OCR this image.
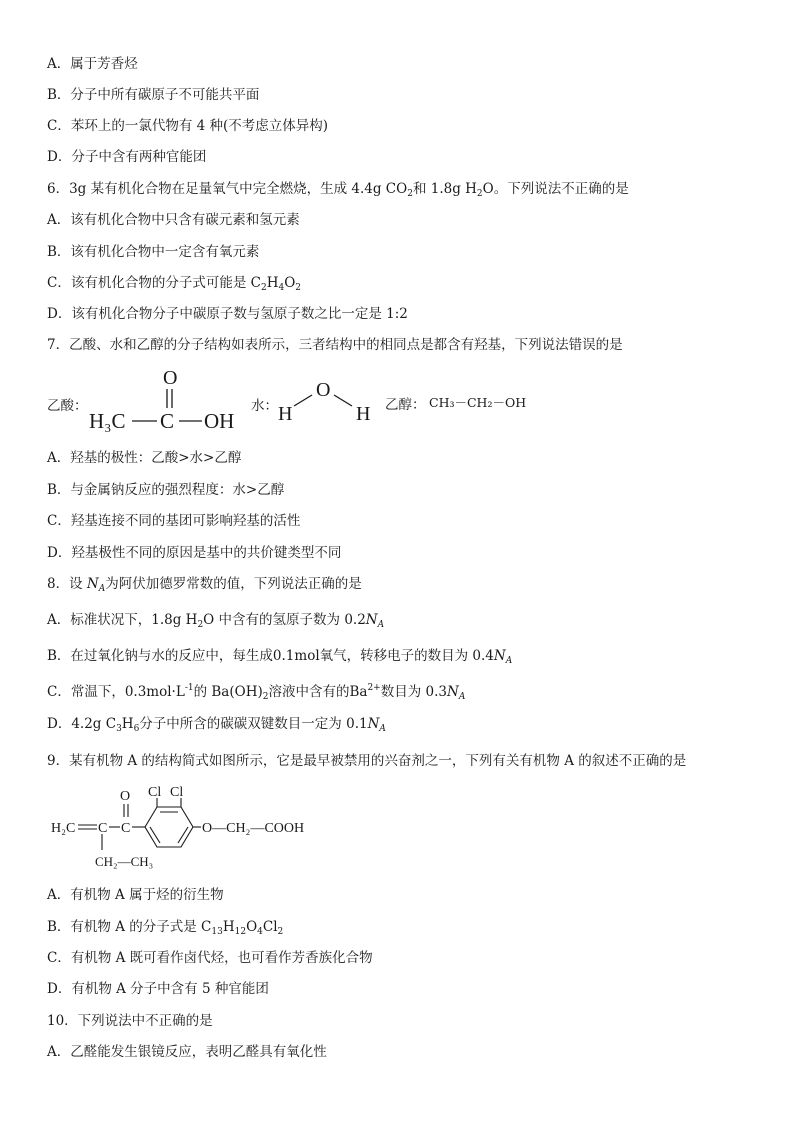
A．属于芳香烃
B．分子中所有碳原子不可能共平面
C．苯环上的一氯代物有 4 种(不考虑立体异构)
D．分子中含有两种官能团
6．3g 某有机化合物在足量氧气中完全燃烧，生成 4.4g $CO_2$和 1.8g $H_2O$。下列说法不正确的是
A．该有机化合物中只含有碳元素和氢元素
B．该有机化合物中一定含有氧元素
C．该有机化合物的分子式可能是 $C_2H_4O_2$
D．该有机化合物分子中碳原子数与氢原子数之比一定是 1:2
7．乙酸、水和乙醇的分子结构如表所示，三者结构中的相同点是都含有羟基，下列说法错误的是
乙酸：
O
H₃C C OH
水：
O
H	H 乙醇： CH₃－CH₂－OH
A．羟基的极性：乙酸>水>乙醇
B．与金属钠反应的强烈程度：水>乙醇
C．羟基连接不同的基团可影响羟基的活性
D．羟基极性不同的原因是基中的共价键类型不同
8．设 $N_A$为阿伏加德罗常数的值，下列说法正确的是
A．标准状况下，1.8g $H_2O$ 中含有的氢原子数为 $0.2N_A$
B．在过氧化钠与水的反应中，每生成0.1mol氧气，转移电子的数目为 $0.4N_A$
C．常温下，$0.3mol\cdot L^{-1}$的 $Ba(OH)_2$溶液中含有的$Ba^{2+}$数目为 $0.3N_A$
D．4.2g $C_3H_6$分子中所含的碳碳双键数目一定为 $0.1N_A$
9．某有机物 A 的结构简式如图所示，它是最早被禁用的兴奋剂之一，下列有关有机物 A 的叙述不正确的是
H₂C C C
O
CH₂—CH₃
Cl Cl
O—CH₂—COOH
A．有机物 A 属于烃的衍生物
B．有机物 A 的分子式是 $C_{13}H_{12}O_4Cl_2$
C．有机物 A 既可看作卤代烃，也可看作芳香族化合物
D．有机物 A 分子中含有 5 种官能团
10．下列说法中不正确的是
A．乙醛能发生银镜反应，表明乙醛具有氧化性
